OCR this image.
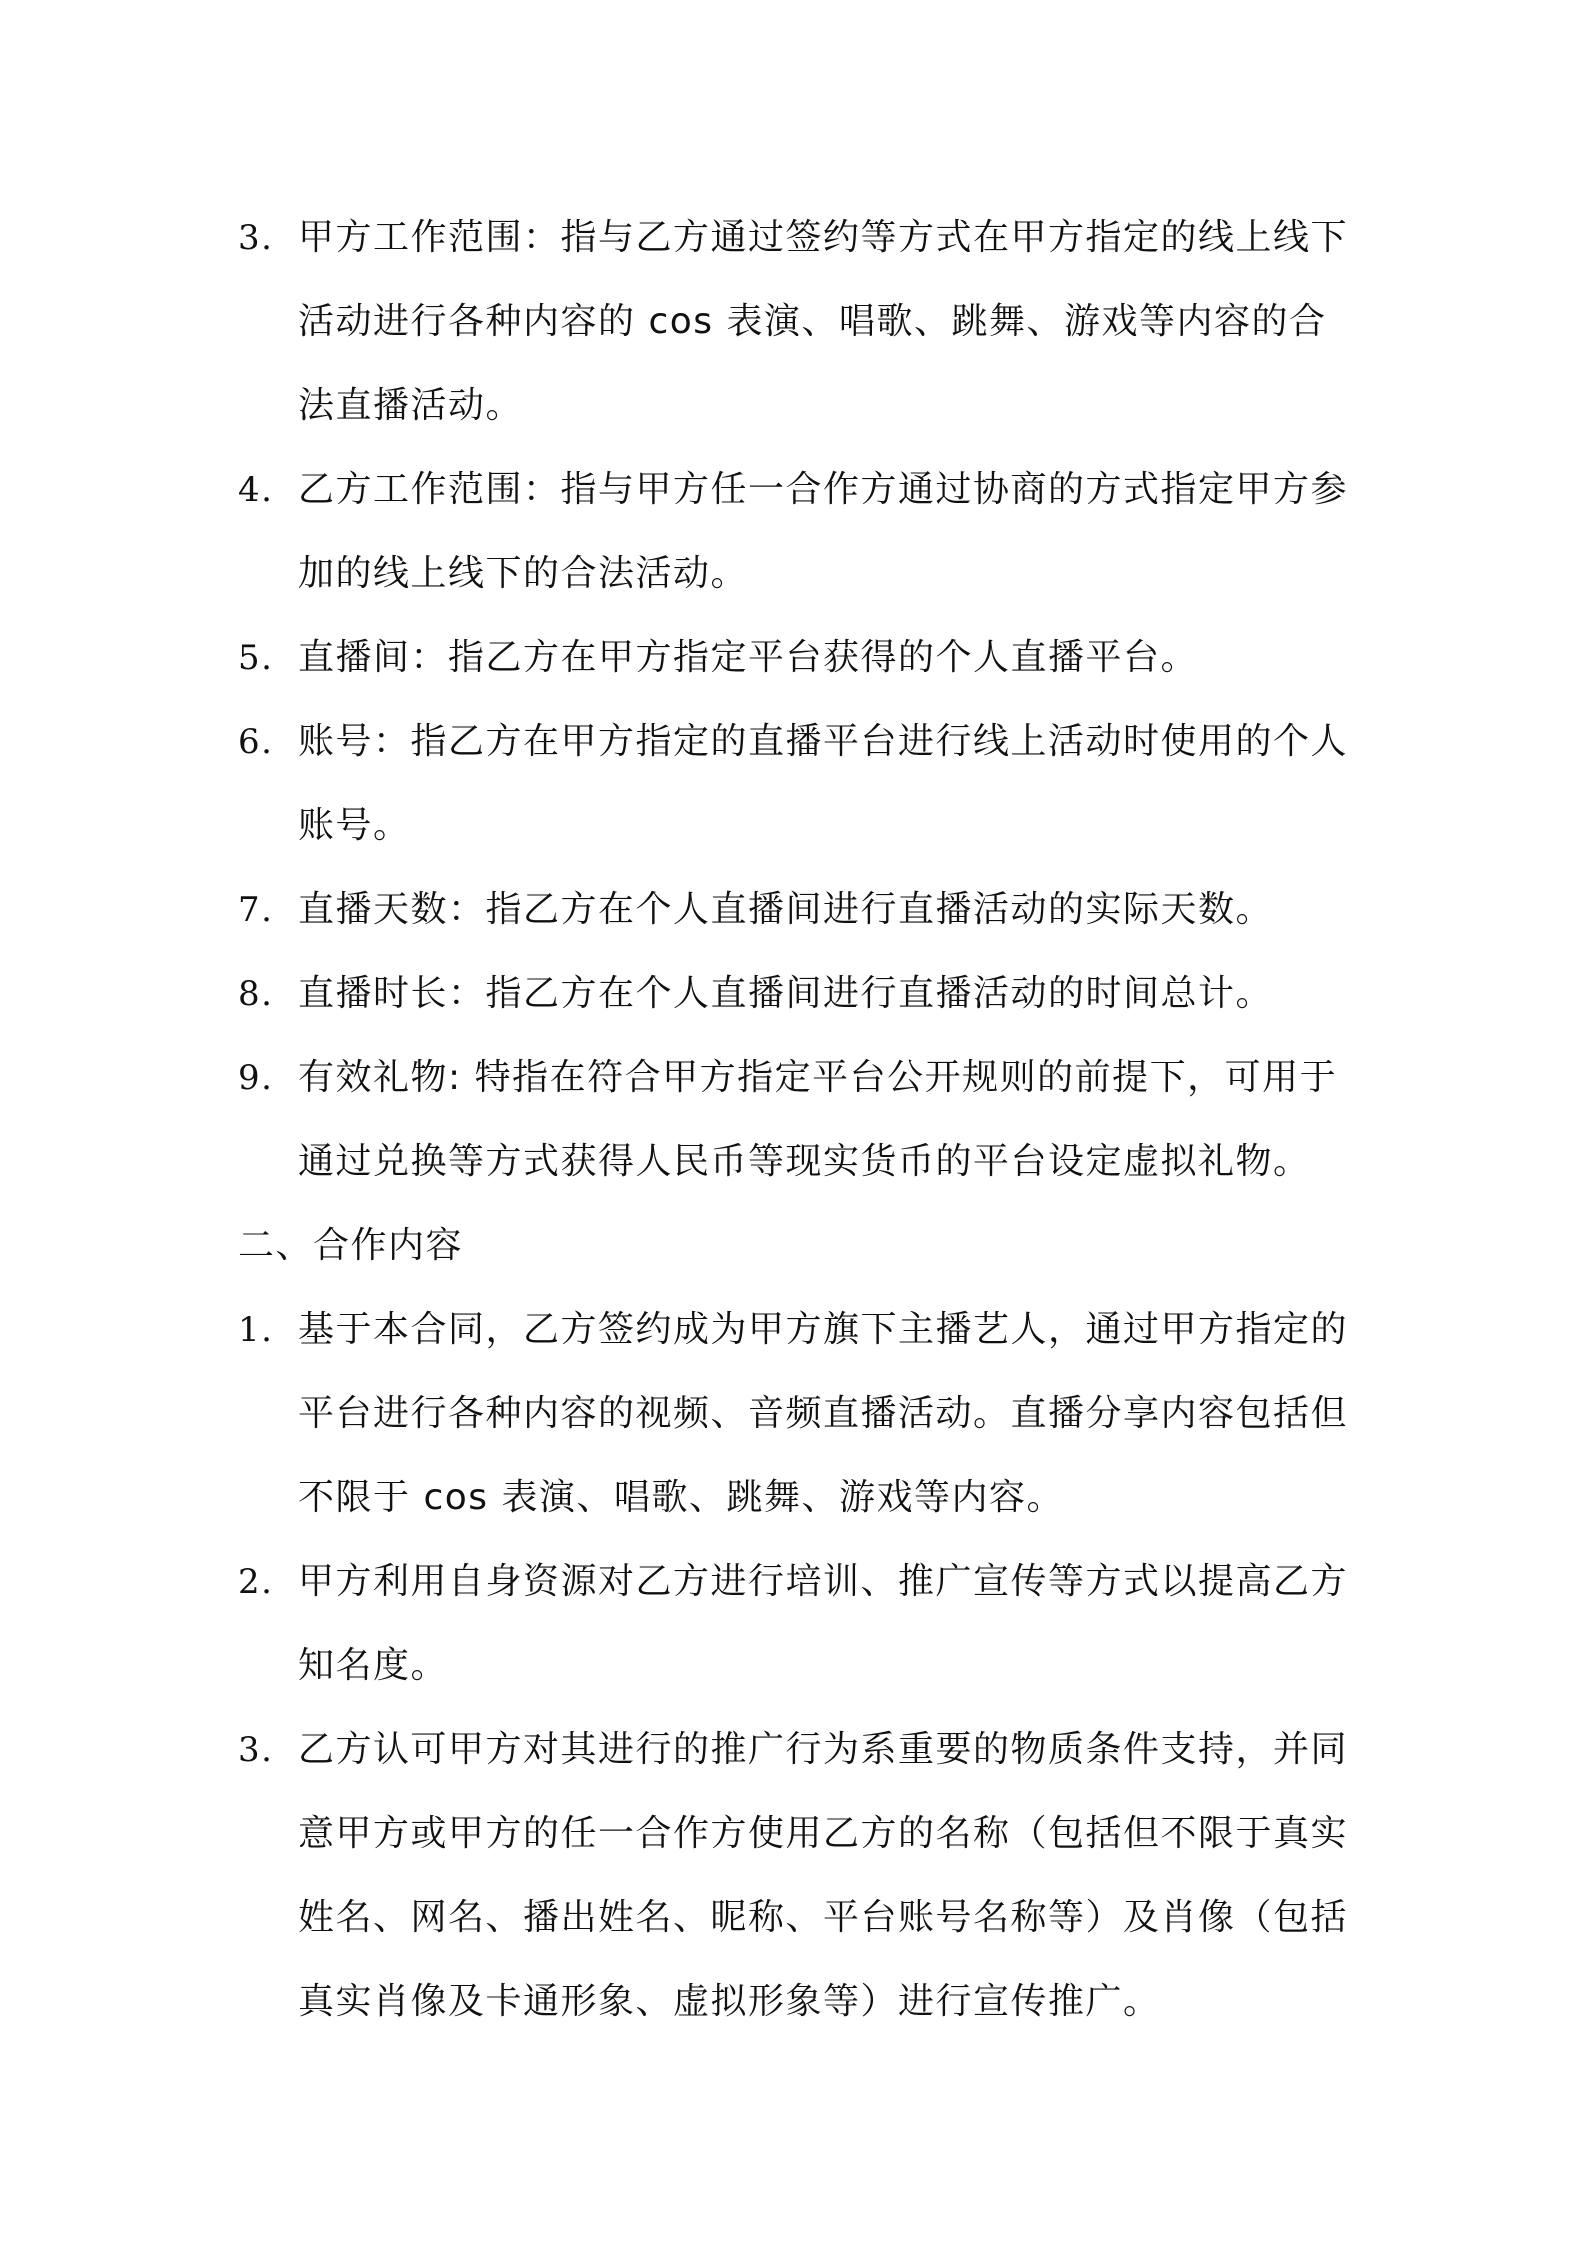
3. 甲方工作范围：指与乙方通过签约等方式在甲方指定的线上线下活动进行各种内容的 cos 表演、唱歌、跳舞、游戏等内容的合法直播活动。
4. 乙方工作范围：指与甲方任一合作方通过协商的方式指定甲方参加的线上线下的合法活动。
5. 直播间：指乙方在甲方指定平台获得的个人直播平台。
6. 账号：指乙方在甲方指定的直播平台进行线上活动时使用的个人账号。
7. 直播天数：指乙方在个人直播间进行直播活动的实际天数。
8. 直播时长：指乙方在个人直播间进行直播活动的时间总计。
9. 有效礼物: 特指在符合甲方指定平台公开规则的前提下，可用于通过兑换等方式获得人民币等现实货币的平台设定虚拟礼物。
二、合作内容
1. 基于本合同，乙方签约成为甲方旗下主播艺人，通过甲方指定的平台进行各种内容的视频、音频直播活动。直播分享内容包括但不限于 cos 表演、唱歌、跳舞、游戏等内容。
2. 甲方利用自身资源对乙方进行培训、推广宣传等方式以提高乙方知名度。
3. 乙方认可甲方对其进行的推广行为系重要的物质条件支持，并同意甲方或甲方的任一合作方使用乙方的名称（包括但不限于真实姓名、网名、播出姓名、昵称、平台账号名称等）及肖像（包括真实肖像及卡通形象、虚拟形象等）进行宣传推广。
